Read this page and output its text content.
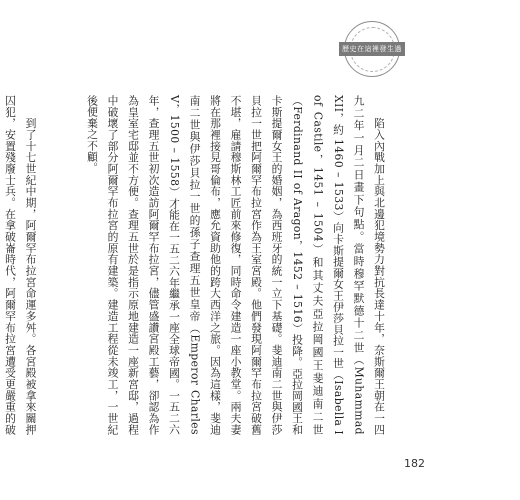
歷史在這裡發生過

　　陷入內戰加上與北邊犯境勢力對抗長達十年，奈斯爾王朝在一四九二年一月二日畫下句點。當時穆罕默德十二世（Muhammad XII，約 1460 – 1533）向卡斯提爾女王伊莎貝拉一世（Isabella I of Castile，1451 – 1504）和其丈夫亞拉岡國王斐迪南二世（Ferdinand II of Aragon，1452 – 1516）投降。亞拉岡國王和卡斯提爾女王的婚姻，為西班牙的統一立下基礎。斐迪南二世與伊莎貝拉一世把阿爾罕布拉宮作為王室宮殿。他們發現阿爾罕布拉宮破舊不堪，雇請穆斯林工匠前來修復，同時命令建造一座小教堂。兩夫妻將在那裡接見哥倫布，應允資助他的跨大西洋之旅。因為這樣，斐迪南二世與伊莎貝拉一世的孫子查理五世皇帝（Emperor Charles V，1500 – 1558）才能在一五二六年繼承一座全球帝國。一五二六年，查理五世初次造訪阿爾罕布拉宮，儘管盛讚宮殿工藝，卻認為作為皇室宅邸並不方便。查理五世於是指示原地建造一座新宮邸，過程中破壞了部分阿爾罕布拉宮的原有建築。建造工程從未竣工，一世紀後便棄之不顧。

　　到了十七世紀中期，阿爾罕布拉宮命運多舛。各宮殿被拿來關押囚犯，安置殘廢士兵。在拿破崙時代，阿爾罕布拉宮遭受更嚴重的破

182
